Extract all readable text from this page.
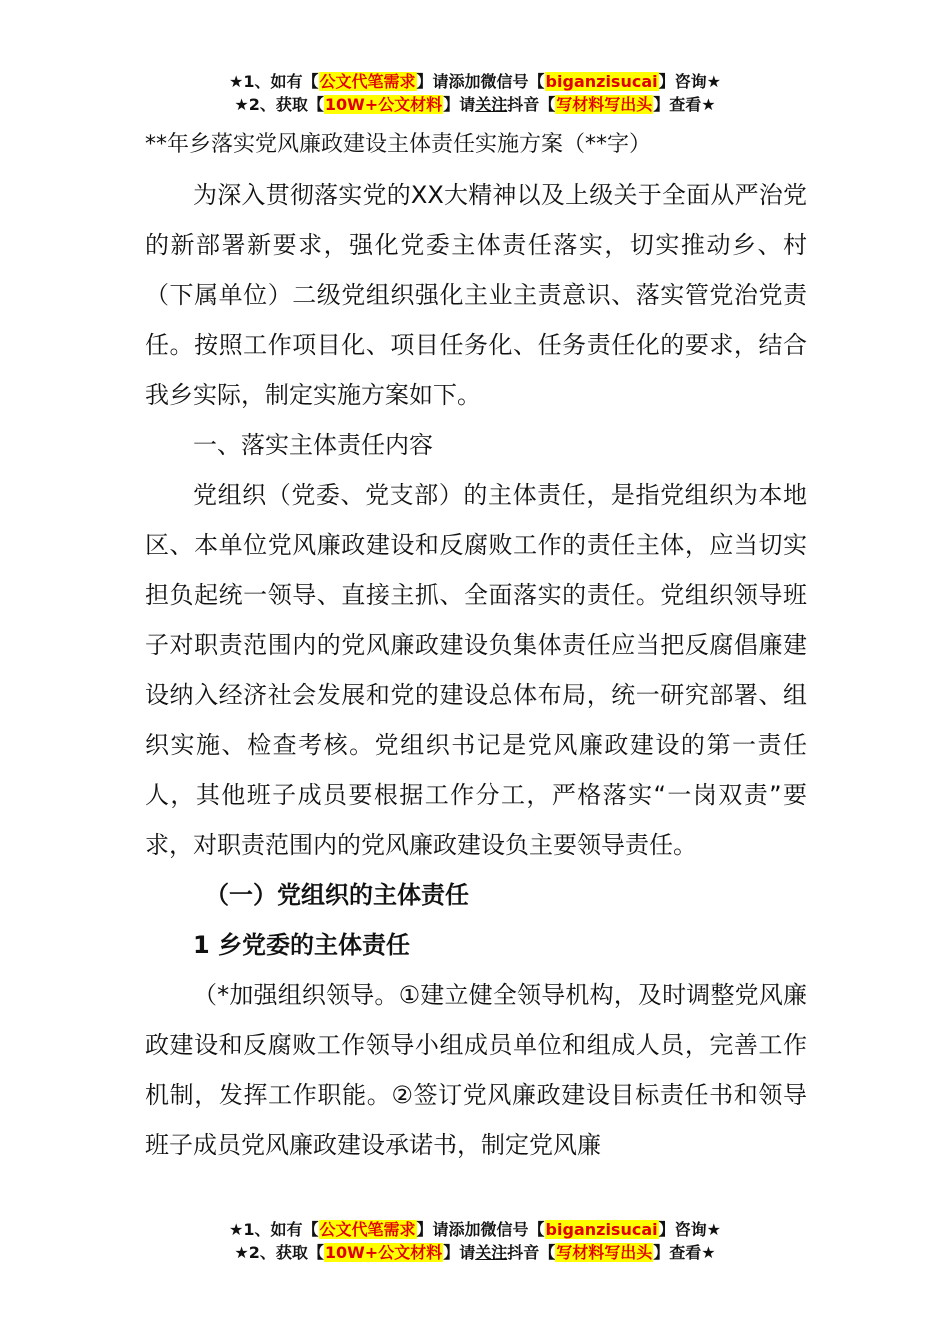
★1、如有【公文代笔需求】请添加微信号【biganzisucai】咨询★
★2、获取【10W+公文材料】请关注抖音【写材料写出头】查看★
**年乡落实党风廉政建设主体责任实施方案（**字）

为深入贯彻落实党的XX大精神以及上级关于全面从严治党的新部署新要求，强化党委主体责任落实，切实推动乡、村（下属单位）二级党组织强化主业主责意识、落实管党治党责任。按照工作项目化、项目任务化、任务责任化的要求，结合我乡实际，制定实施方案如下。

一、落实主体责任内容

党组织（党委、党支部）的主体责任，是指党组织为本地区、本单位党风廉政建设和反腐败工作的责任主体，应当切实担负起统一领导、直接主抓、全面落实的责任。党组织领导班子对职责范围内的党风廉政建设负集体责任应当把反腐倡廉建设纳入经济社会发展和党的建设总体布局，统一研究部署、组织实施、检查考核。党组织书记是党风廉政建设的第一责任人，其他班子成员要根据工作分工，严格落实“一岗双责”要求，对职责范围内的党风廉政建设负主要领导责任。

（一）党组织的主体责任

1 乡党委的主体责任

（*加强组织领导。①建立健全领导机构，及时调整党风廉政建设和反腐败工作领导小组成员单位和组成人员，完善工作机制，发挥工作职能。②签订党风廉政建设目标责任书和领导班子成员党风廉政建设承诺书，制定党风廉

★1、如有【公文代笔需求】请添加微信号【biganzisucai】咨询★
★2、获取【10W+公文材料】请关注抖音【写材料写出头】查看★
